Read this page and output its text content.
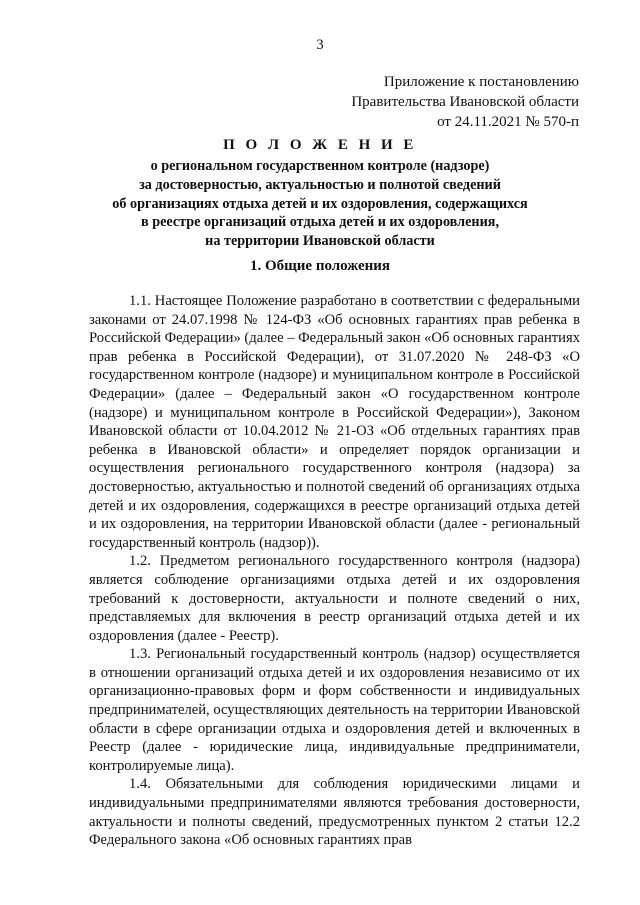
3
Приложение к постановлению
Правительства Ивановской области
от 24.11.2021 № 570-п
П О Л О Ж Е Н И Е
о региональном государственном контроле (надзоре)
за достоверностью, актуальностью и полнотой сведений
об организациях отдыха детей и их оздоровления, содержащихся
в реестре организаций отдыха детей и их оздоровления,
на территории Ивановской области
1. Общие положения

1.1. Настоящее Положение разработано в соответствии с федеральными законами от 24.07.1998 № 124-ФЗ «Об основных гарантиях прав ребенка в Российской Федерации» (далее – Федеральный закон «Об основных гарантиях прав ребенка в Российской Федерации), от 31.07.2020 № 248-ФЗ «О государственном контроле (надзоре) и муниципальном контроле в Российской Федерации» (далее – Федеральный закон «О государственном контроле (надзоре) и муниципальном контроле в Российской Федерации»), Законом Ивановской области от 10.04.2012 № 21-ОЗ «Об отдельных гарантиях прав ребенка в Ивановской области» и определяет порядок организации и осуществления регионального государственного контроля (надзора) за достоверностью, актуальностью и полнотой сведений об организациях отдыха детей и их оздоровления, содержащихся в реестре организаций отдыха детей и их оздоровления, на территории Ивановской области (далее - региональный государственный контроль (надзор)).

1.2. Предметом регионального государственного контроля (надзора) является соблюдение организациями отдыха детей и их оздоровления требований к достоверности, актуальности и полноте сведений о них, представляемых для включения в реестр организаций отдыха детей и их оздоровления (далее - Реестр).

1.3. Региональный государственный контроль (надзор) осуществляется в отношении организаций отдыха детей и их оздоровления независимо от их организационно-правовых форм и форм собственности и индивидуальных предпринимателей, осуществляющих деятельность на территории Ивановской области в сфере организации отдыха и оздоровления детей и включенных в Реестр (далее - юридические лица, индивидуальные предприниматели, контролируемые лица).

1.4. Обязательными для соблюдения юридическими лицами и индивидуальными предпринимателями являются требования достоверности, актуальности и полноты сведений, предусмотренных пунктом 2 статьи 12.2 Федерального закона «Об основных гарантиях прав
